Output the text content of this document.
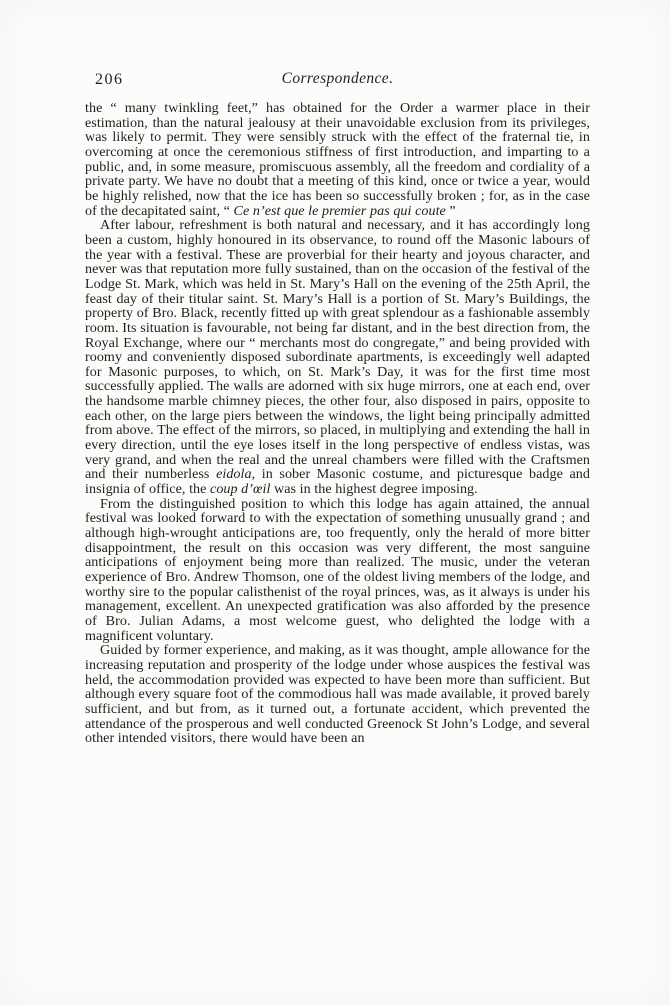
206	Correspondence.

the “ many twinkling feet,” has obtained for the Order a warmer place in their estimation, than the natural jealousy at their unavoidable exclusion from its privileges, was likely to permit. They were sensibly struck with the effect of the fraternal tie, in overcoming at once the ceremonious stiffness of first introduction, and imparting to a public, and, in some measure, promiscuous assembly, all the freedom and cordiality of a private party. We have no doubt that a meeting of this kind, once or twice a year, would be highly relished, now that the ice has been so successfully broken ; for, as in the case of the decapitated saint, “ Ce n’est que le premier pas qui coute ”

After labour, refreshment is both natural and necessary, and it has accordingly long been a custom, highly honoured in its observance, to round off the Masonic labours of the year with a festival. These are proverbial for their hearty and joyous character, and never was that reputation more fully sustained, than on the occasion of the festival of the Lodge St. Mark, which was held in St. Mary’s Hall on the evening of the 25th April, the feast day of their titular saint. St. Mary’s Hall is a portion of St. Mary’s Buildings, the property of Bro. Black, recently fitted up with great splendour as a fashionable assembly room. Its situation is favourable, not being far distant, and in the best direction from, the Royal Exchange, where our “ merchants most do congregate,” and being provided with roomy and conveniently disposed subordinate apartments, is exceedingly well adapted for Masonic purposes, to which, on St. Mark’s Day, it was for the first time most successfully applied. The walls are adorned with six huge mirrors, one at each end, over the handsome marble chimney pieces, the other four, also disposed in pairs, opposite to each other, on the large piers between the windows, the light being principally admitted from above. The effect of the mirrors, so placed, in multiplying and extending the hall in every direction, until the eye loses itself in the long perspective of endless vistas, was very grand, and when the real and the unreal chambers were filled with the Craftsmen and their numberless eidola, in sober Masonic costume, and picturesque badge and insignia of office, the coup d’œil was in the highest degree imposing.

From the distinguished position to which this lodge has again attained, the annual festival was looked forward to with the expectation of something unusually grand ; and although high-wrought anticipations are, too frequently, only the herald of more bitter disappointment, the result on this occasion was very different, the most sanguine anticipations of enjoyment being more than realized. The music, under the veteran experience of Bro. Andrew Thomson, one of the oldest living members of the lodge, and worthy sire to the popular calisthenist of the royal princes, was, as it always is under his management, excellent. An unexpected gratification was also afforded by the presence of Bro. Julian Adams, a most welcome guest, who delighted the lodge with a magnificent voluntary.

Guided by former experience, and making, as it was thought, ample allowance for the increasing reputation and prosperity of the lodge under whose auspices the festival was held, the accommodation provided was expected to have been more than sufficient. But although every square foot of the commodious hall was made available, it proved barely sufficient, and but from, as it turned out, a fortunate accident, which prevented the attendance of the prosperous and well conducted Greenock St John’s Lodge, and several other intended visitors, there would have been an
